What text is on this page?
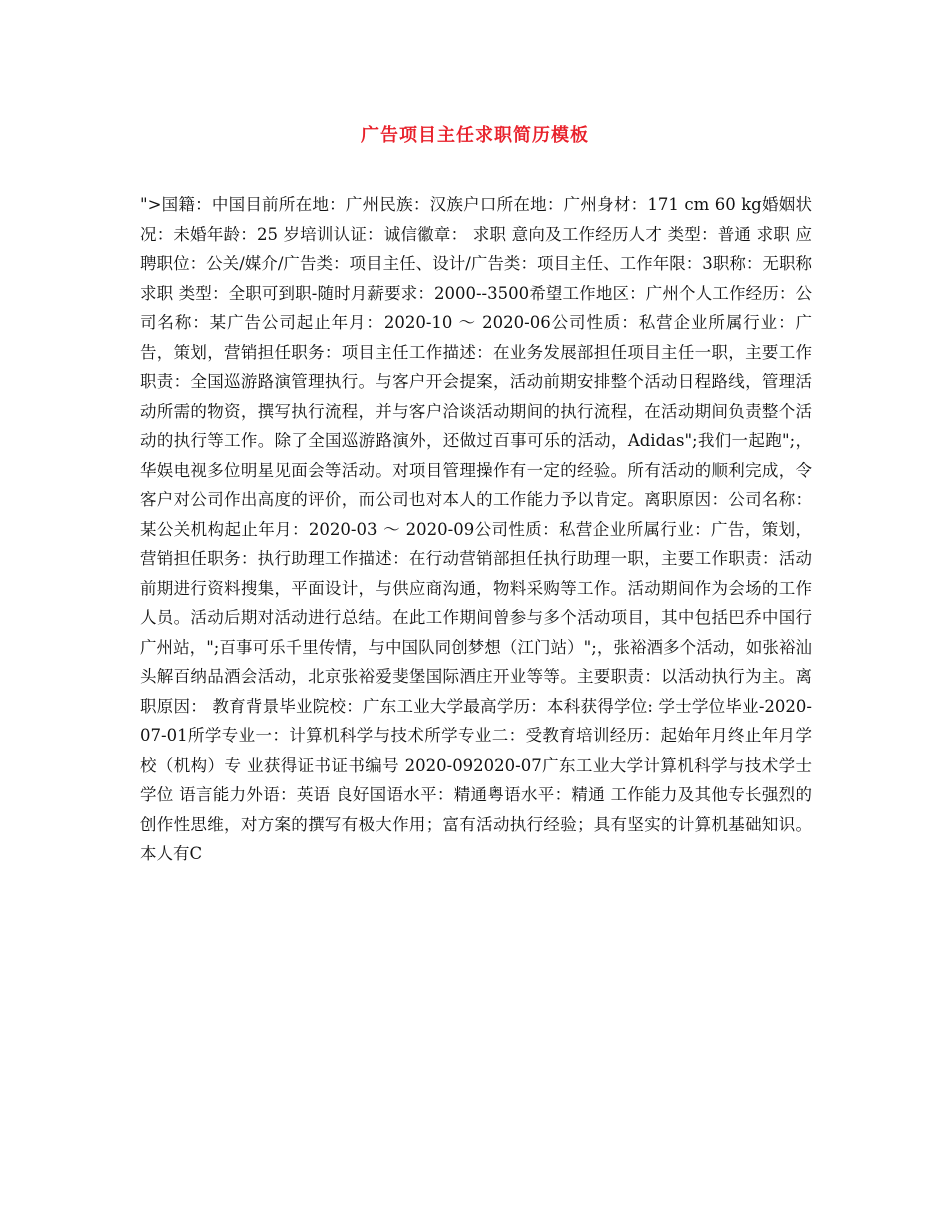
广告项目主任求职简历模板
">国籍：中国目前所在地：广州民族：汉族户口所在地：广州身材：171 cm 60 kg婚姻状况：未婚年龄：25 岁培训认证：诚信徽章： 求职 意向及工作经历人才 类型：普通 求职 应聘职位：公关/媒介/广告类：项目主任、设计/广告类：项目主任、工作年限：3职称：无职称求职 类型：全职可到职-随时月薪要求：2000--3500希望工作地区：广州个人工作经历：公司名称：某广告公司起止年月：2020-10 ～ 2020-06公司性质：私营企业所属行业：广告，策划，营销担任职务：项目主任工作描述：在业务发展部担任项目主任一职，主要工作职责：全国巡游路演管理执行。与客户开会提案，活动前期安排整个活动日程路线，管理活动所需的物资，撰写执行流程，并与客户洽谈活动期间的执行流程，在活动期间负责整个活动的执行等工作。除了全国巡游路演外，还做过百事可乐的活动，Adidas";我们一起跑";，华娱电视多位明星见面会等活动。对项目管理操作有一定的经验。所有活动的顺利完成，令客户对公司作出高度的评价，而公司也对本人的工作能力予以肯定。离职原因：公司名称：某公关机构起止年月：2020-03 ～ 2020-09公司性质：私营企业所属行业：广告，策划，营销担任职务：执行助理工作描述：在行动营销部担任执行助理一职，主要工作职责：活动前期进行资料搜集，平面设计，与供应商沟通，物料采购等工作。活动期间作为会场的工作人员。活动后期对活动进行总结。在此工作期间曾参与多个活动项目，其中包括巴乔中国行广州站，";百事可乐千里传情，与中国队同创梦想（江门站）";，张裕酒多个活动，如张裕汕头解百纳品酒会活动，北京张裕爱斐堡国际酒庄开业等等。主要职责：以活动执行为主。离职原因： 教育背景毕业院校：广东工业大学最高学历：本科获得学位: 学士学位毕业-2020-07-01所学专业一：计算机科学与技术所学专业二：受教育培训经历：起始年月终止年月学校（机构）专 业获得证书证书编号 2020-092020-07广东工业大学计算机科学与技术学士学位 语言能力外语：英语 良好国语水平：精通粤语水平：精通 工作能力及其他专长强烈的创作性思维，对方案的撰写有极大作用；富有活动执行经验；具有坚实的计算机基础知识。本人有C
